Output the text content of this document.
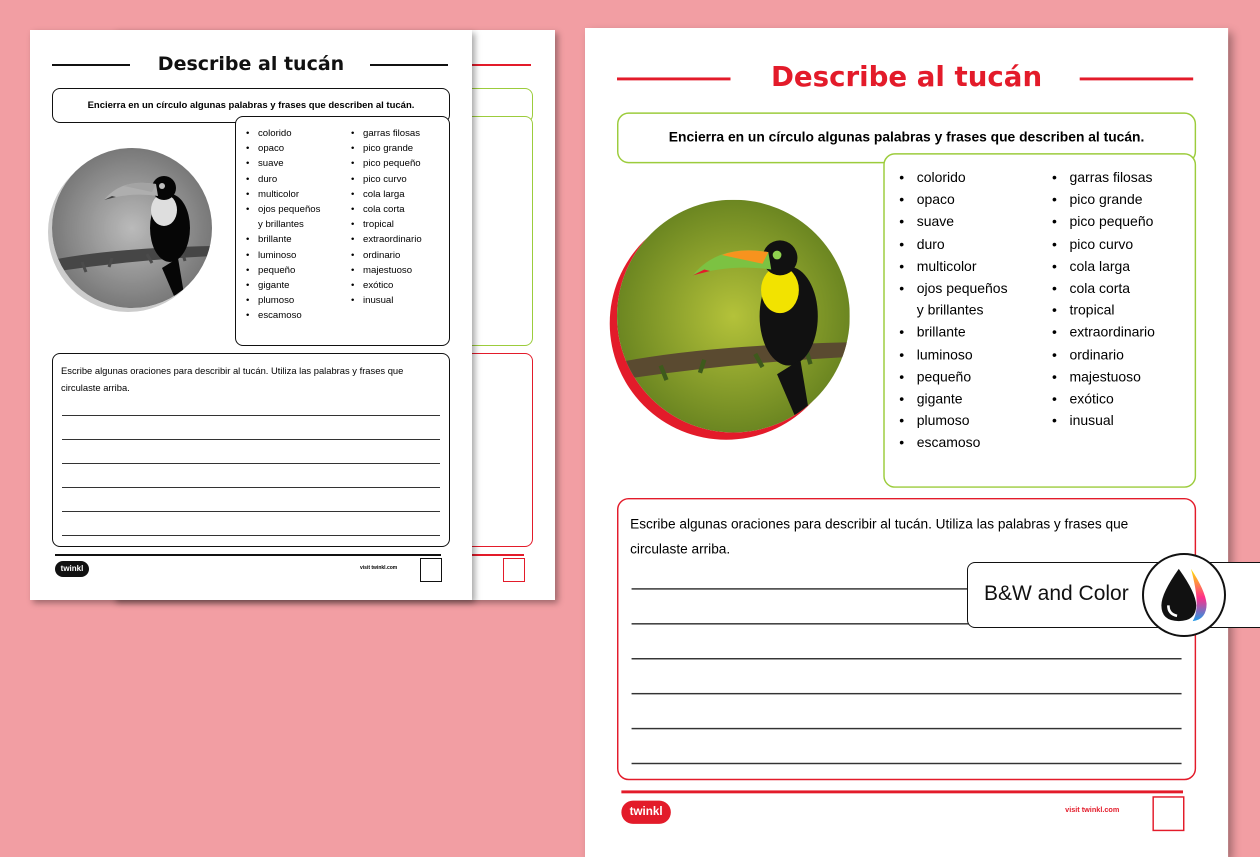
Describe al tucán
Encierra en un círculo algunas palabras y frases que describen al tucán.
• colorido
• opaco
• suave
• duro
• multicolor
• ojos pequeños
y brillantes
• brillante
• luminoso
• pequeño
• gigante
• plumoso
• escamoso
• garras filosas
• pico grande
• pico pequeño
• pico curvo
• cola larga
• cola corta
• tropical
• extraordinario
• ordinario
• majestuoso
• exótico
• inusual
Escribe algunas oraciones para describir al tucán. Utiliza las palabras y frases que circulaste arriba.
twinkl	visit twinkl.com
B&W and Color
Describe al tucán
Encierra en un círculo algunas palabras y frases que describen al tucán.
• colorido
• opaco
• suave
• duro
• multicolor
• ojos pequeños
y brillantes
• brillante
• luminoso
• pequeño
• gigante
• plumoso
• escamoso
• garras filosas
• pico grande
• pico pequeño
• pico curvo
• cola larga
• cola corta
• tropical
• extraordinario
• ordinario
• majestuoso
• exótico
• inusual
Escribe algunas oraciones para describir al tucán. Utiliza las palabras y frases que circulaste arriba.
twinkl	visit twinkl.com
